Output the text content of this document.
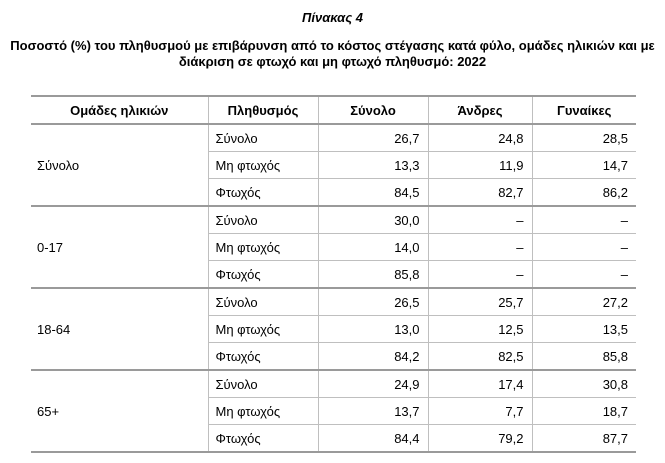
Πίνακας 4
Ποσοστό (%) του πληθυσμού με επιβάρυνση από το κόστος στέγασης κατά φύλο, ομάδες ηλικιών και με
διάκριση σε φτωχό και μη φτωχό πληθυσμό: 2022
Ομάδες ηλικιών	Πληθυσμός	Σύνολο	Άνδρες	Γυναίκες
Σύνολο	Σύνολο	26,7	24,8	28,5
	Μη φτωχός	13,3	11,9	14,7
	Φτωχός	84,5	82,7	86,2
0-17	Σύνολο	30,0	–	–
	Μη φτωχός	14,0	–	–
	Φτωχός	85,8	–	–
18-64	Σύνολο	26,5	25,7	27,2
	Μη φτωχός	13,0	12,5	13,5
	Φτωχός	84,2	82,5	85,8
65+	Σύνολο	24,9	17,4	30,8
	Μη φτωχός	13,7	7,7	18,7
	Φτωχός	84,4	79,2	87,7
